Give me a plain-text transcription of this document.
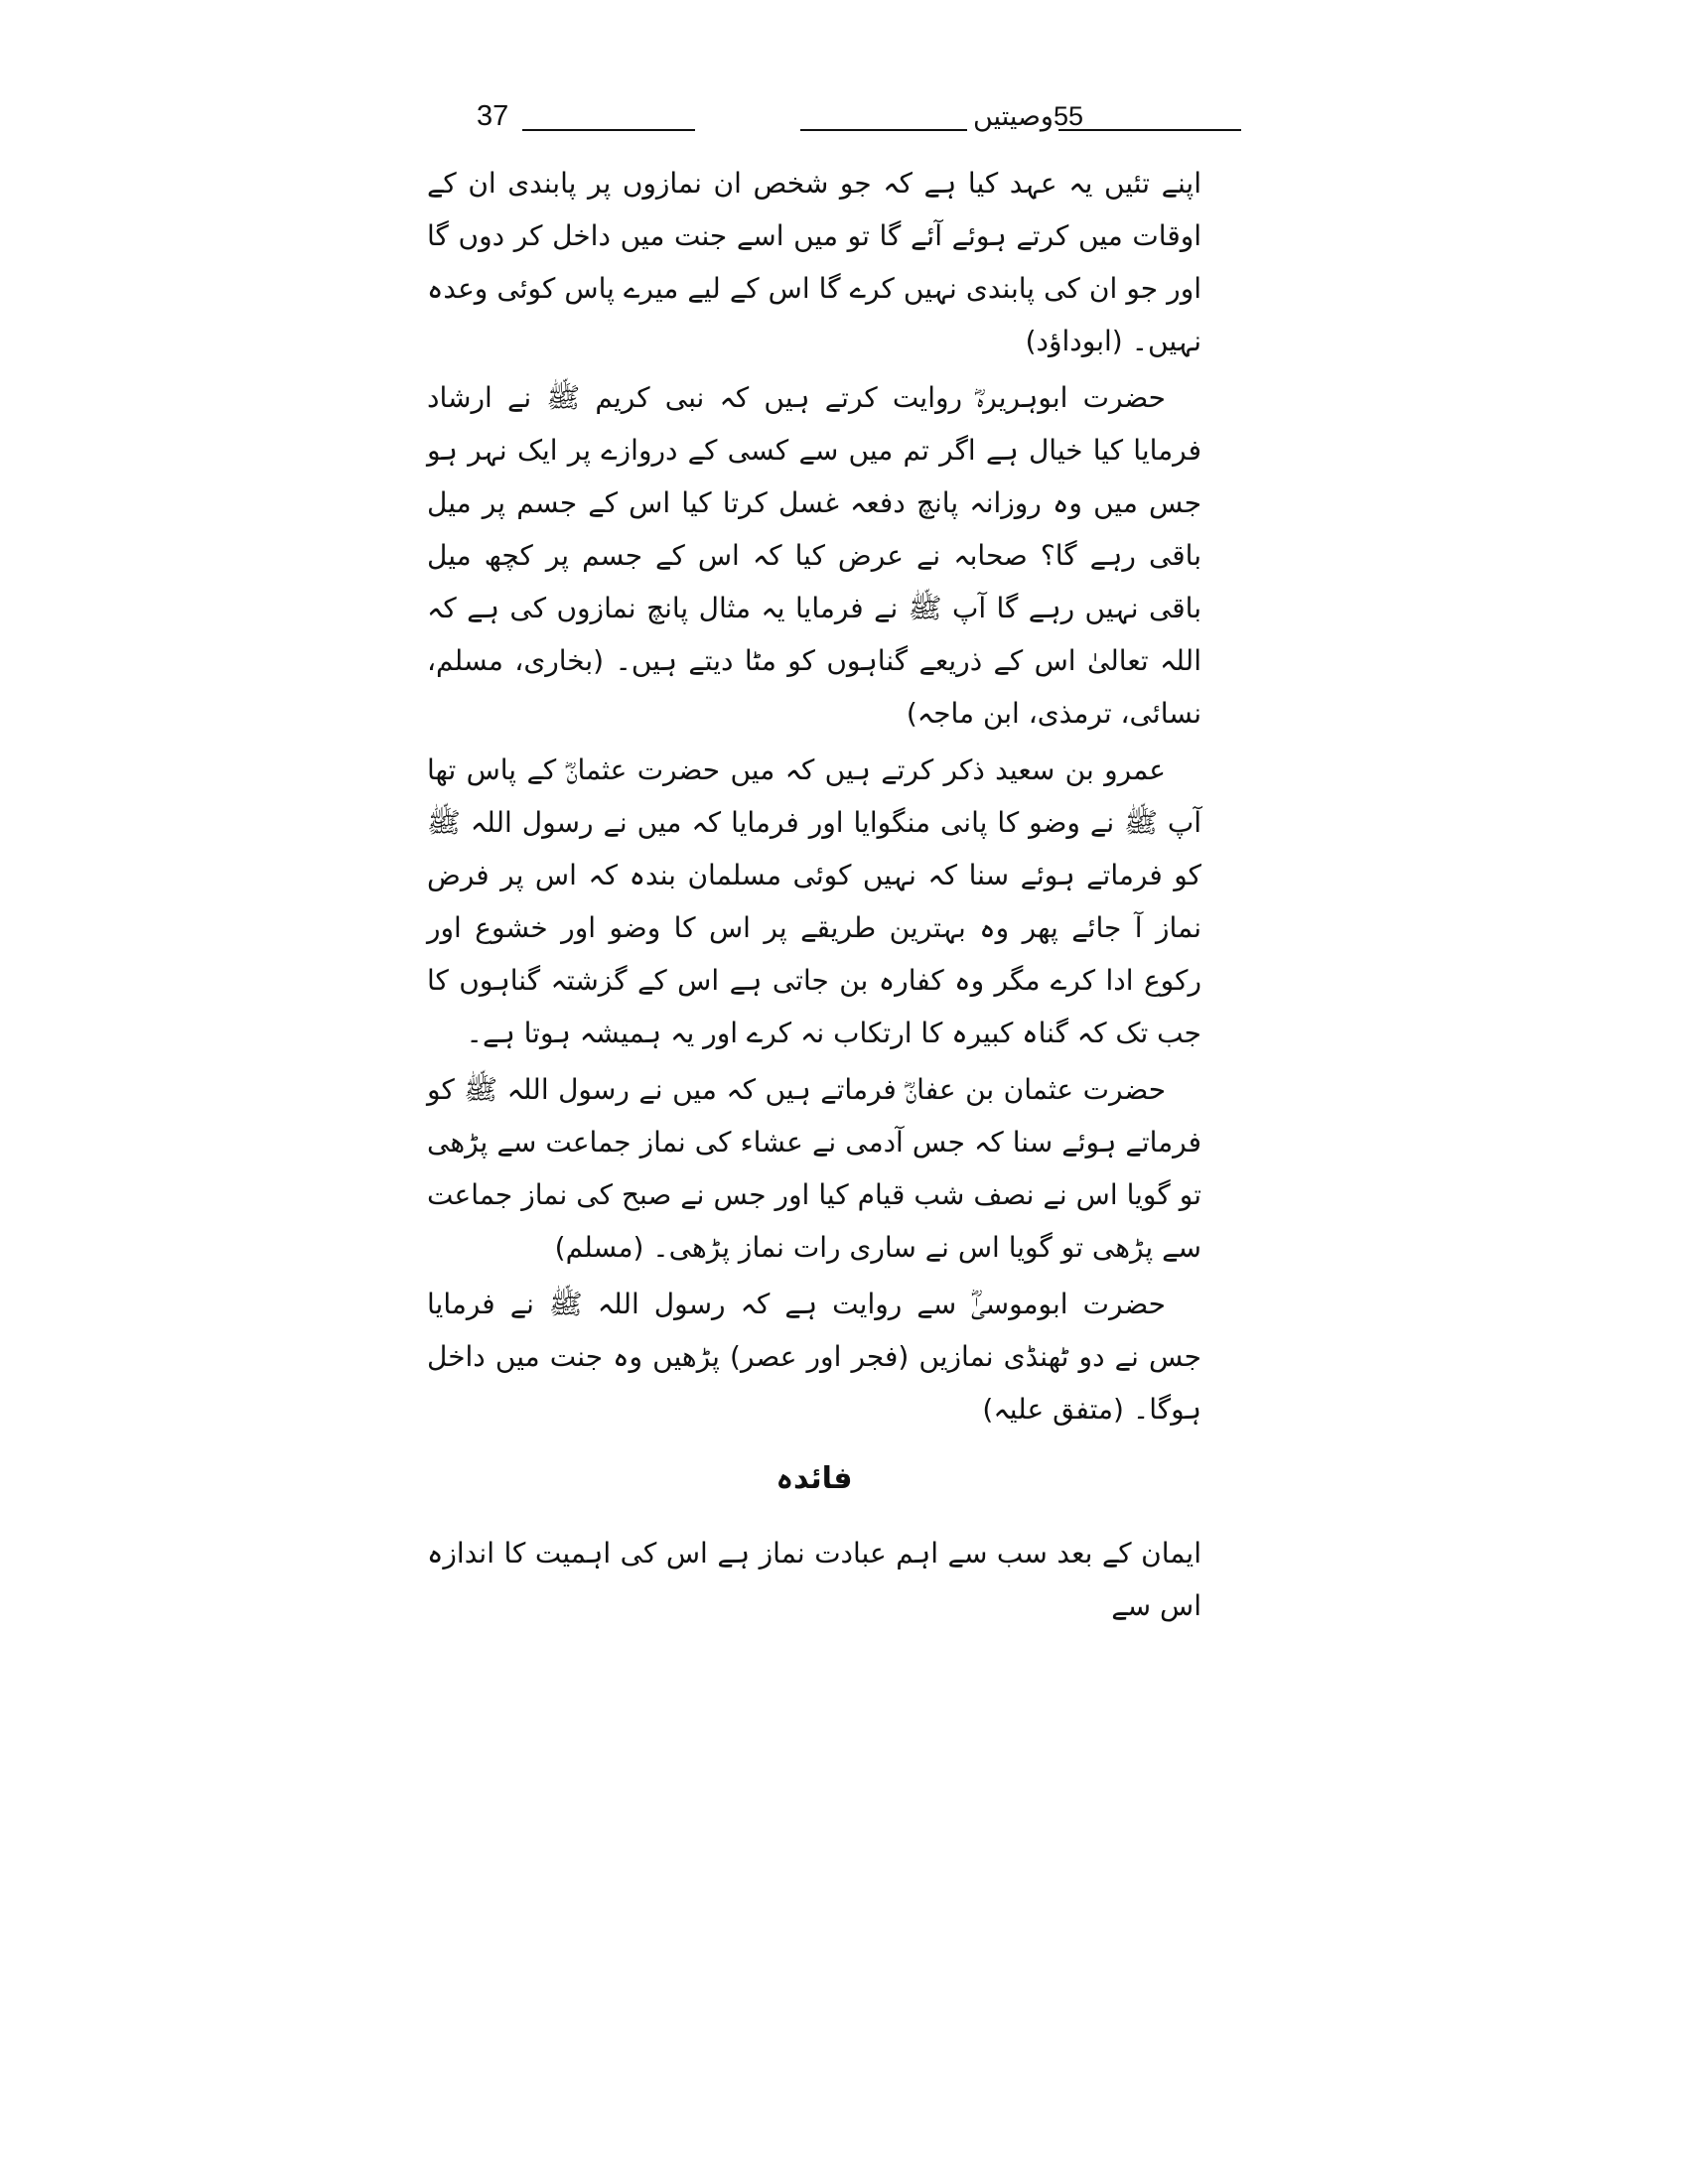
37	55وصیتیں

اپنے تئیں یہ عہد کیا ہے کہ جو شخص ان نمازوں پر پابندی ان کے اوقات میں کرتے ہوئے آئے گا تو میں اسے جنت میں داخل کر دوں گا اور جو ان کی پابندی نہیں کرے گا اس کے لیے میرے پاس کوئی وعدہ نہیں۔ (ابوداؤد)

حضرت ابوہریرہؓ روایت کرتے ہیں کہ نبی کریم ﷺ نے ارشاد فرمایا کیا خیال ہے اگر تم میں سے کسی کے دروازے پر ایک نہر ہو جس میں وہ روزانہ پانچ دفعہ غسل کرتا کیا اس کے جسم پر میل باقی رہے گا؟ صحابہ نے عرض کیا کہ اس کے جسم پر کچھ میل باقی نہیں رہے گا آپ ﷺ نے فرمایا یہ مثال پانچ نمازوں کی ہے کہ اللہ تعالیٰ اس کے ذریعے گناہوں کو مٹا دیتے ہیں۔ (بخاری، مسلم، نسائی، ترمذی، ابن ماجہ)

عمرو بن سعید ذکر کرتے ہیں کہ میں حضرت عثمانؓ کے پاس تھا آپ ﷺ نے وضو کا پانی منگوایا اور فرمایا کہ میں نے رسول اللہ ﷺ کو فرماتے ہوئے سنا کہ نہیں کوئی مسلمان بندہ کہ اس پر فرض نماز آ جائے پھر وہ بہترین طریقے پر اس کا وضو اور خشوع اور رکوع ادا کرے مگر وہ کفارہ بن جاتی ہے اس کے گزشتہ گناہوں کا جب تک کہ گناہ کبیرہ کا ارتکاب نہ کرے اور یہ ہمیشہ ہوتا ہے۔

حضرت عثمان بن عفانؓ فرماتے ہیں کہ میں نے رسول اللہ ﷺ کو فرماتے ہوئے سنا کہ جس آدمی نے عشاء کی نماز جماعت سے پڑھی تو گویا اس نے نصف شب قیام کیا اور جس نے صبح کی نماز جماعت سے پڑھی تو گویا اس نے ساری رات نماز پڑھی۔ (مسلم)

حضرت ابوموسیٰؓ سے روایت ہے کہ رسول اللہ ﷺ نے فرمایا جس نے دو ٹھنڈی نمازیں (فجر اور عصر) پڑھیں وہ جنت میں داخل ہوگا۔ (متفق علیہ)

فائدہ

ایمان کے بعد سب سے اہم عبادت نماز ہے اس کی اہمیت کا اندازہ اس سے
